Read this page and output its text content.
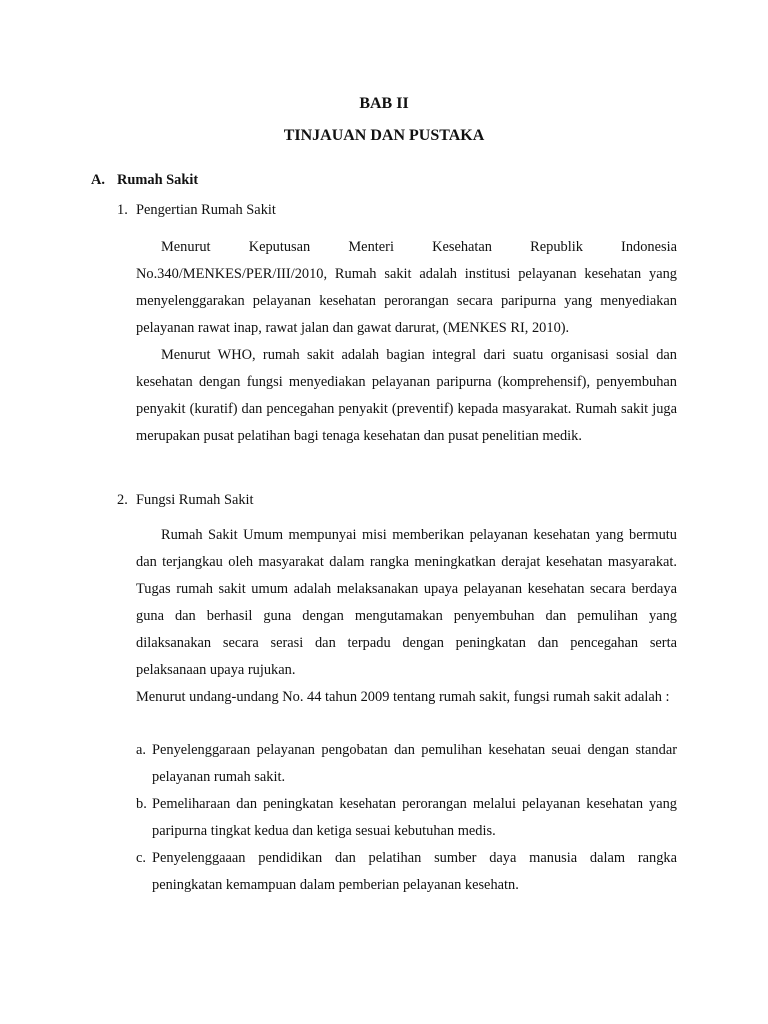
BAB II
TINJAUAN DAN PUSTAKA
A. Rumah Sakit
1. Pengertian Rumah Sakit

Menurut Keputusan Menteri Kesehatan Republik Indonesia No.340/MENKES/PER/III/2010, Rumah sakit adalah institusi pelayanan kesehatan yang menyelenggarakan pelayanan kesehatan perorangan secara paripurna yang menyediakan pelayanan rawat inap, rawat jalan dan gawat darurat, (MENKES RI, 2010).

Menurut WHO, rumah sakit adalah bagian integral dari suatu organisasi sosial dan kesehatan dengan fungsi menyediakan pelayanan paripurna (komprehensif), penyembuhan penyakit (kuratif) dan pencegahan penyakit (preventif) kepada masyarakat. Rumah sakit juga merupakan pusat pelatihan bagi tenaga kesehatan dan pusat penelitian medik.

2. Fungsi Rumah Sakit

Rumah Sakit Umum mempunyai misi memberikan pelayanan kesehatan yang bermutu dan terjangkau oleh masyarakat dalam rangka meningkatkan derajat kesehatan masyarakat. Tugas rumah sakit umum adalah melaksanakan upaya pelayanan kesehatan secara berdaya guna dan berhasil guna dengan mengutamakan penyembuhan dan pemulihan yang dilaksanakan secara serasi dan terpadu dengan peningkatan dan pencegahan serta pelaksanaan upaya rujukan.

Menurut undang-undang No. 44 tahun 2009 tentang rumah sakit, fungsi rumah sakit adalah :

a. Penyelenggaraan pelayanan pengobatan dan pemulihan kesehatan seuai dengan standar pelayanan rumah sakit.
b. Pemeliharaan dan peningkatan kesehatan perorangan melalui pelayanan kesehatan yang paripurna tingkat kedua dan ketiga sesuai kebutuhan medis.
c. Penyelenggaaan pendidikan dan pelatihan sumber daya manusia dalam rangka peningkatan kemampuan dalam pemberian pelayanan kesehatn.
